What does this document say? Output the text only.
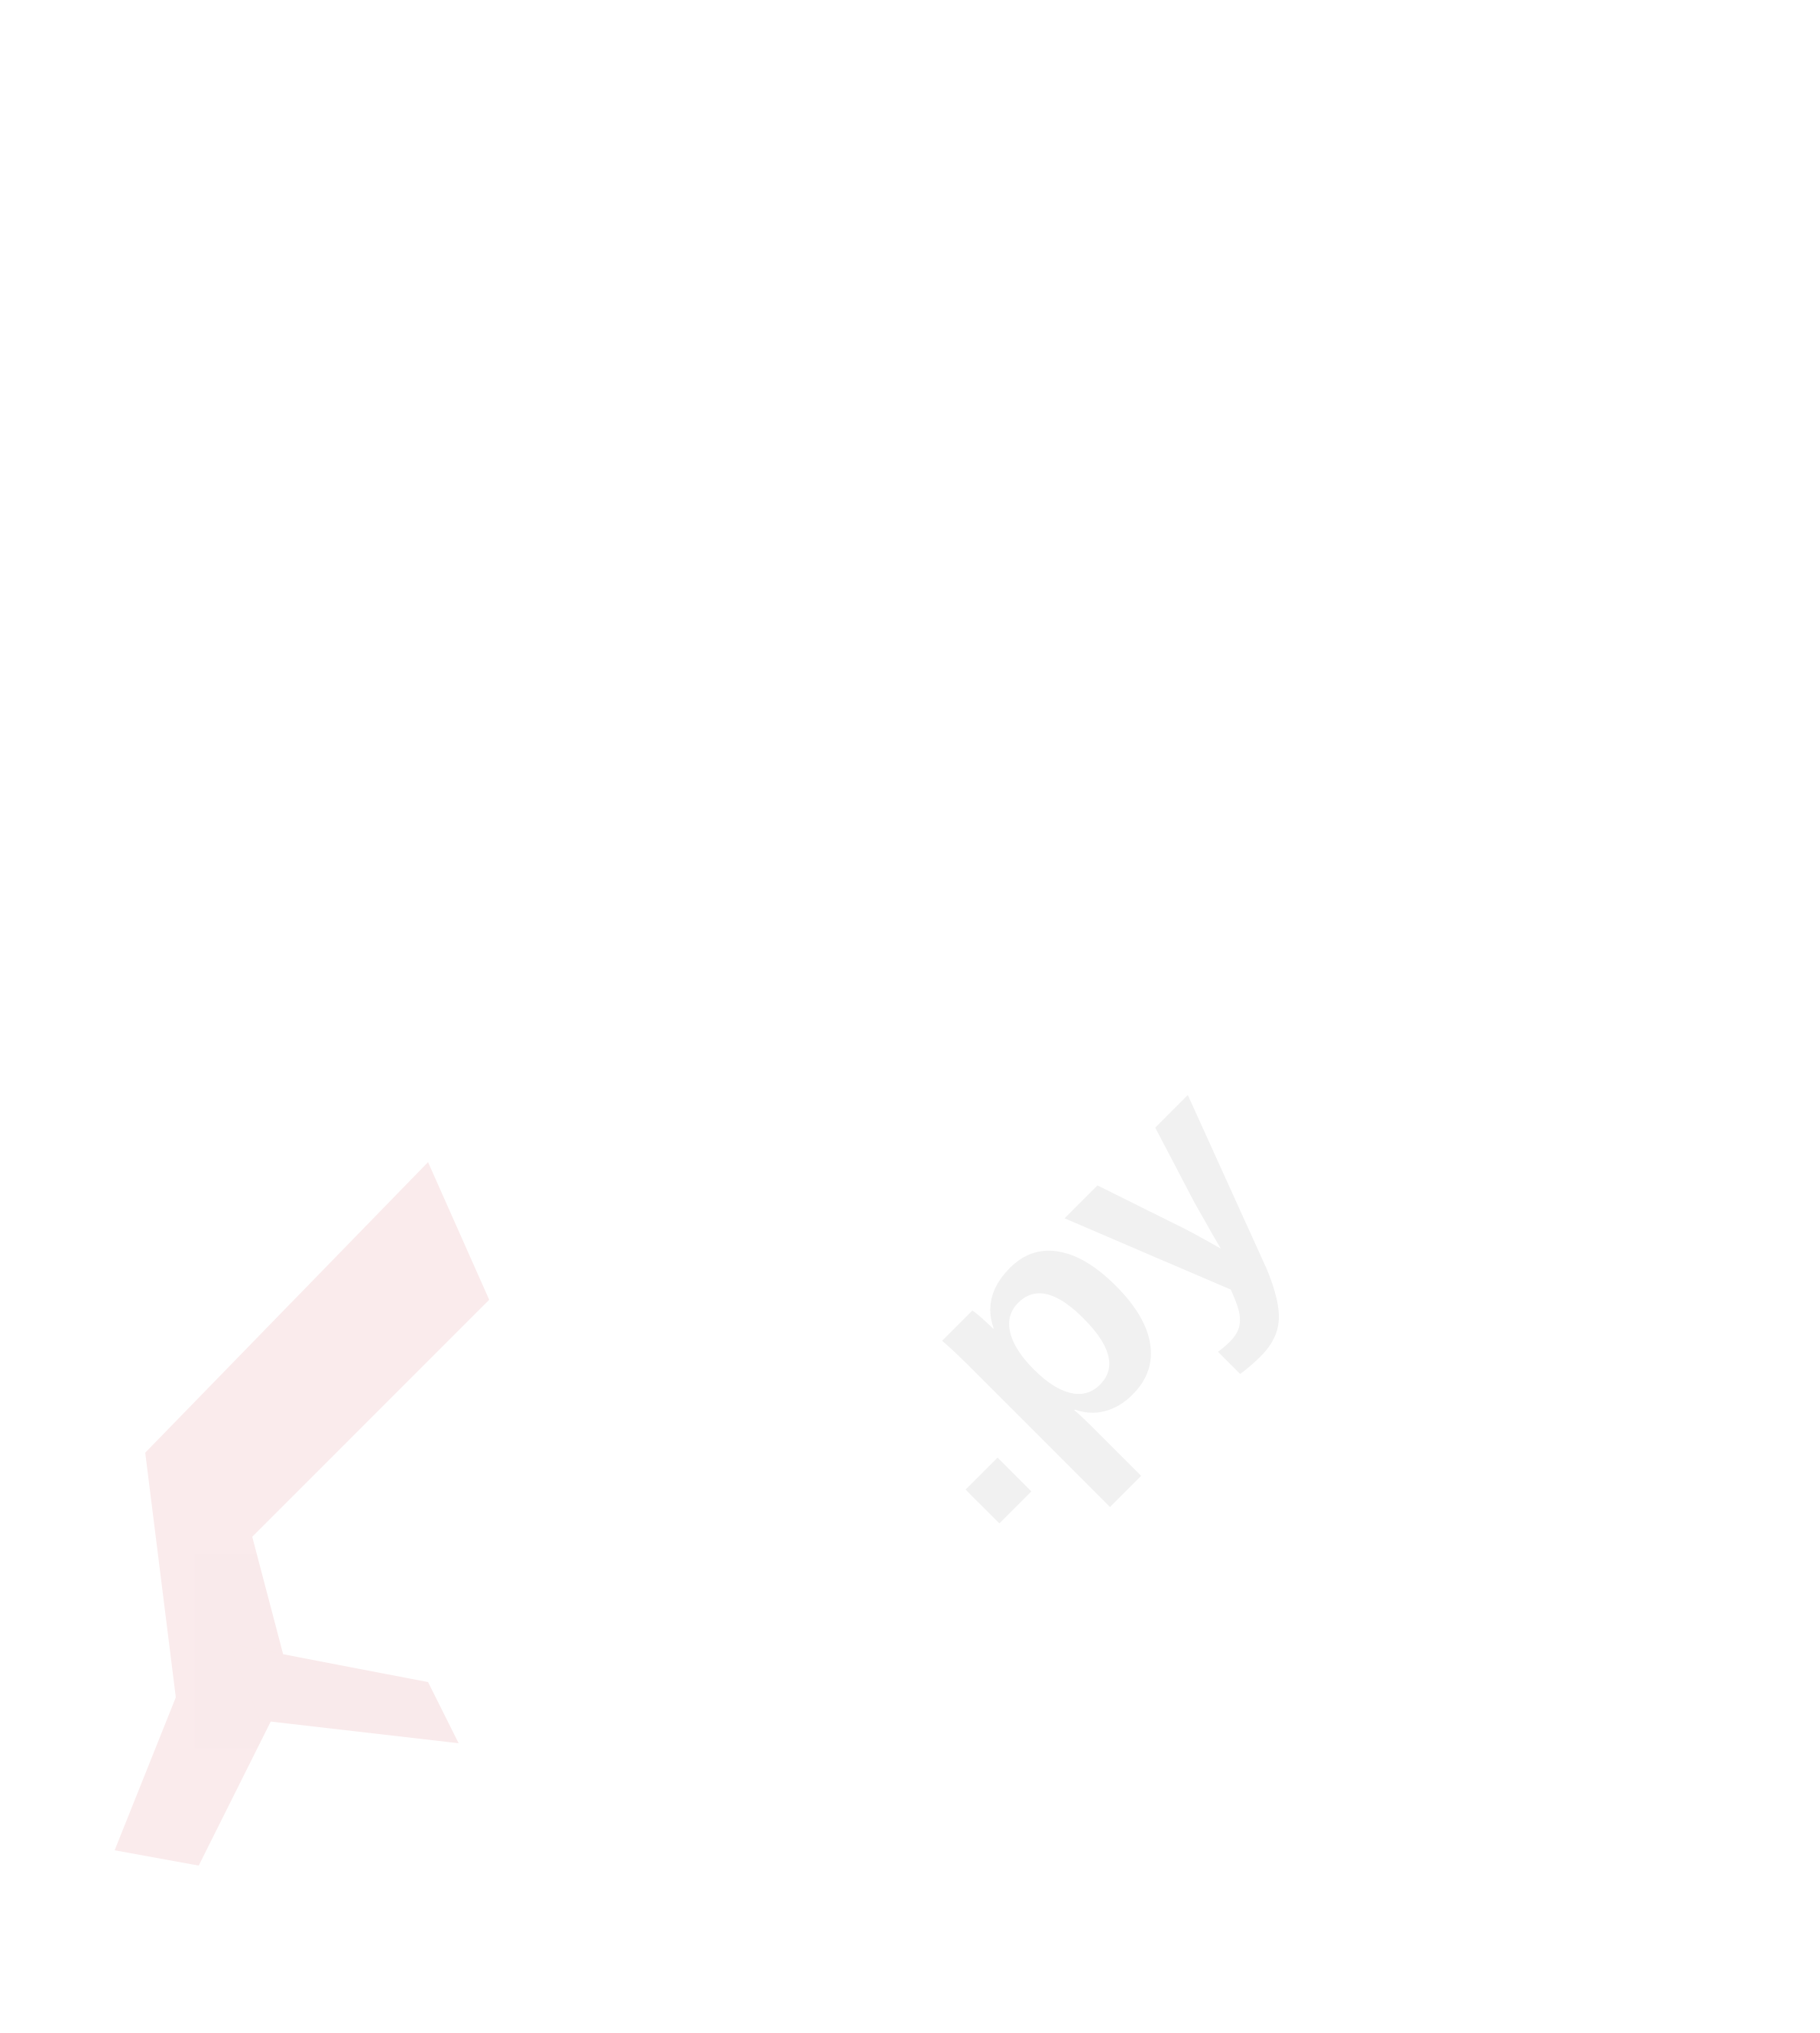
.ру
